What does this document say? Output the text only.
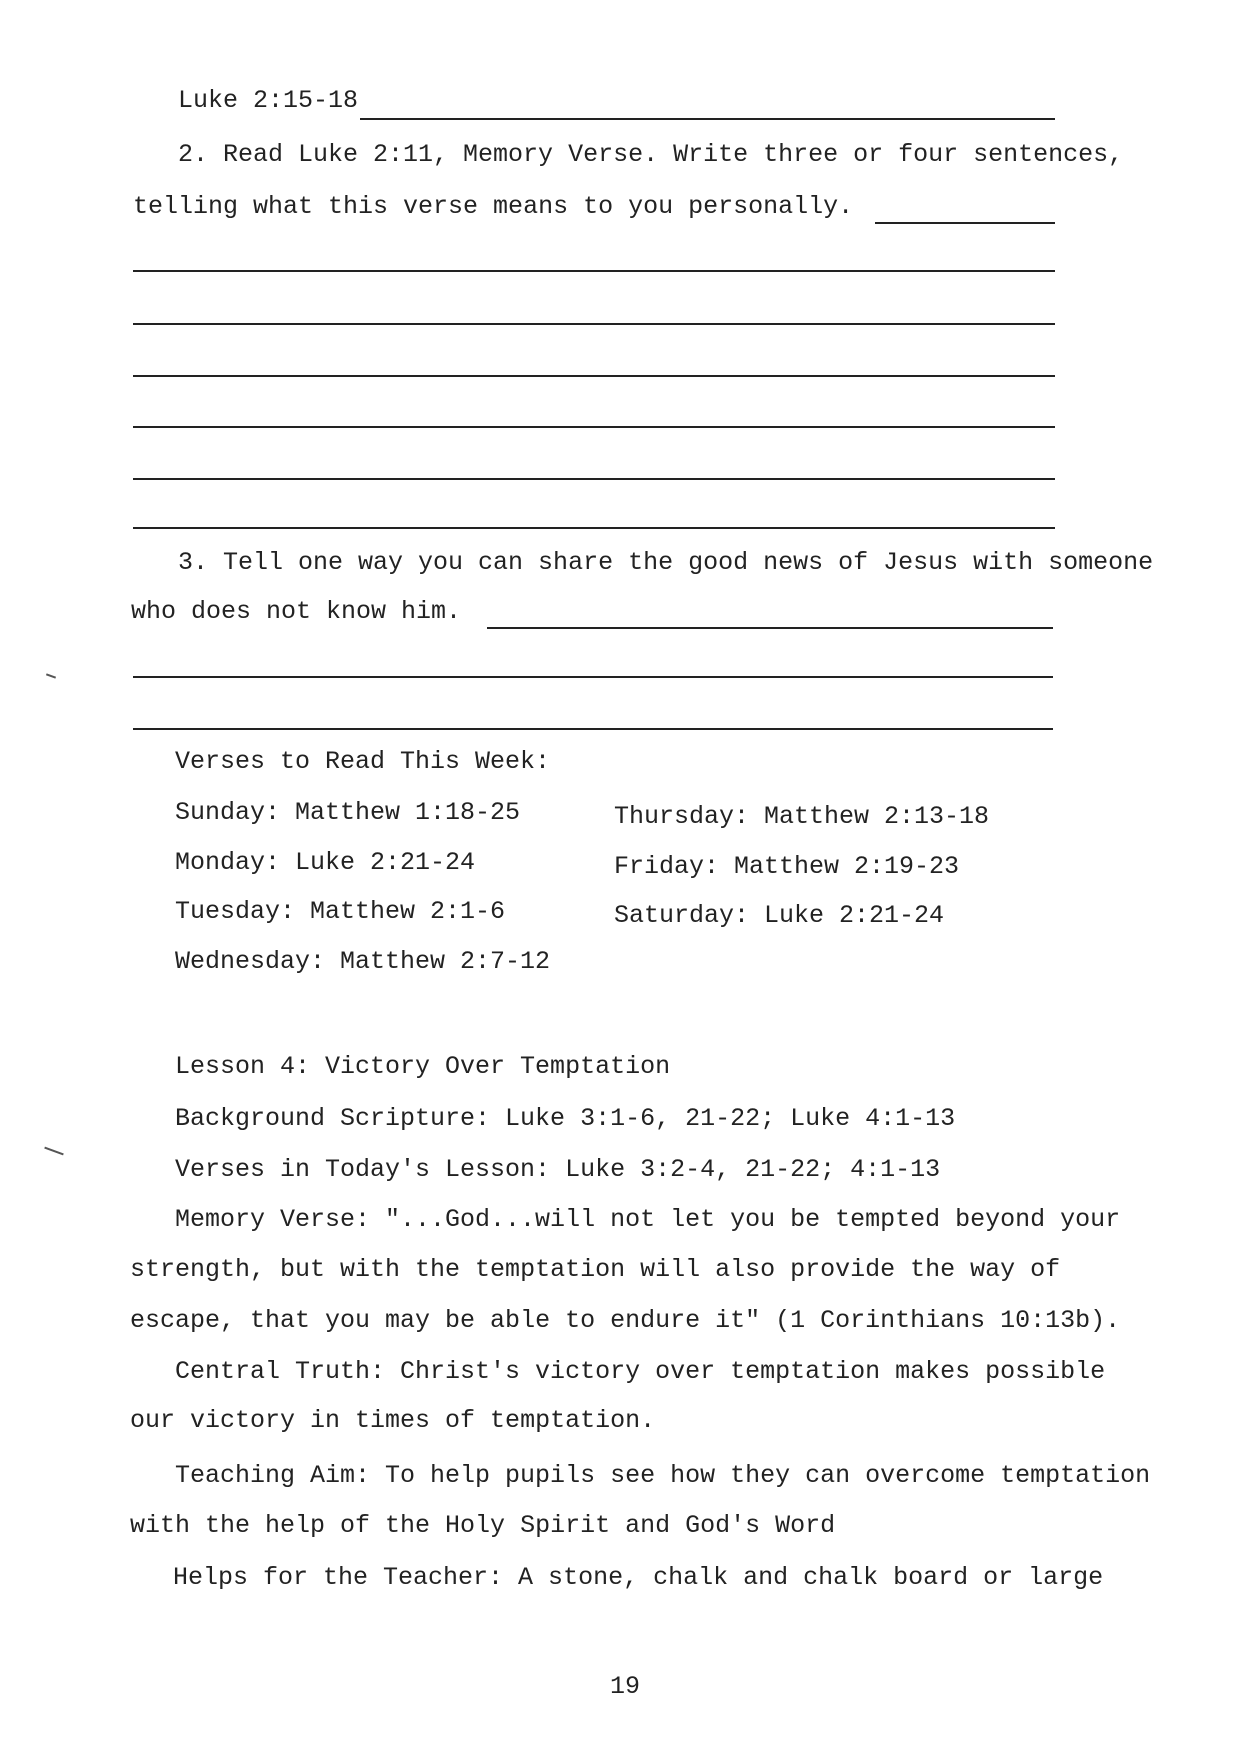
Luke 2:15-18
2. Read Luke 2:11, Memory Verse. Write three or four sentences,
telling what this verse means to you personally.
3. Tell one way you can share the good news of Jesus with someone
who does not know him.
Verses to Read This Week:
Sunday: Matthew 1:18-25
Monday: Luke 2:21-24
Tuesday: Matthew 2:1-6
Wednesday: Matthew 2:7-12
Thursday: Matthew 2:13-18
Friday: Matthew 2:19-23
Saturday: Luke 2:21-24
Lesson 4: Victory Over Temptation
Background Scripture: Luke 3:1-6, 21-22; Luke 4:1-13
Verses in Today's Lesson: Luke 3:2-4, 21-22; 4:1-13
Memory Verse: "...God...will not let you be tempted beyond your
strength, but with the temptation will also provide the way of
escape, that you may be able to endure it" (1 Corinthians 10:13b).
Central Truth: Christ's victory over temptation makes possible
our victory in times of temptation.
Teaching Aim: To help pupils see how they can overcome temptation
with the help of the Holy Spirit and God's Word
Helps for the Teacher: A stone, chalk and chalk board or large
19
